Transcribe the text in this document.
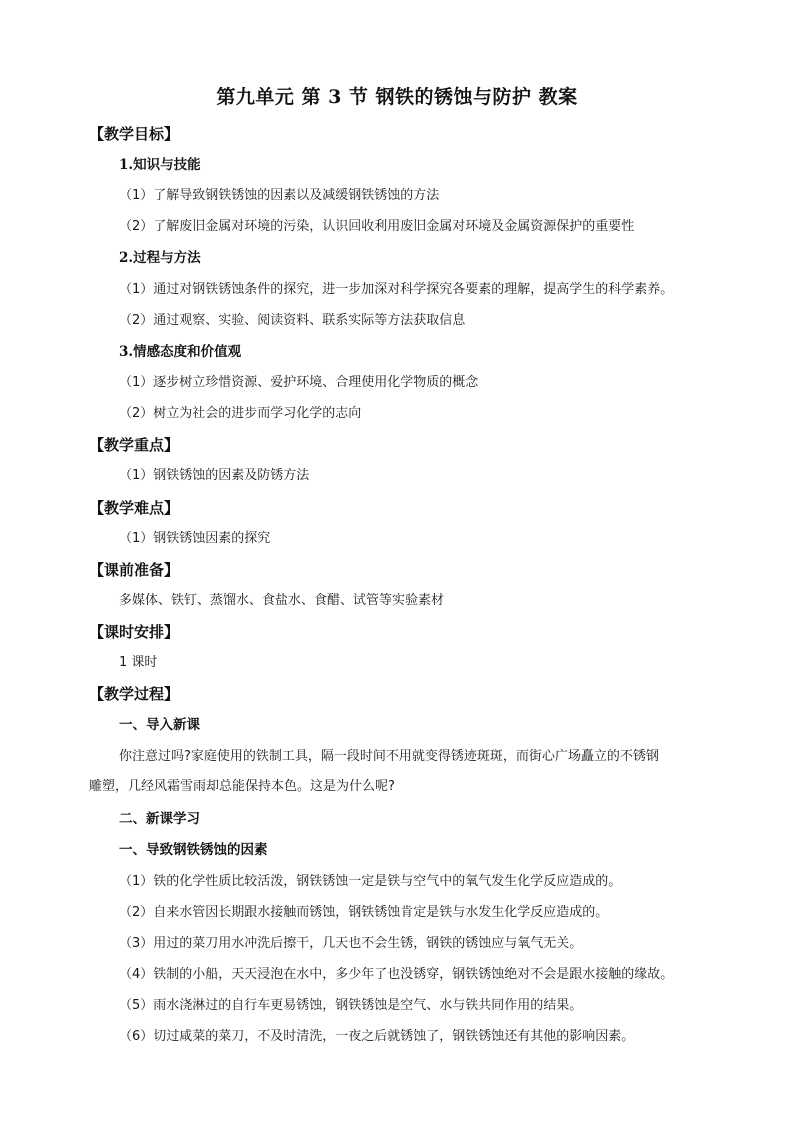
第九单元 第 3 节 钢铁的锈蚀与防护 教案
【教学目标】
1.知识与技能
（1）了解导致钢铁锈蚀的因素以及减缓钢铁锈蚀的方法
（2）了解废旧金属对环境的污染，认识回收利用废旧金属对环境及金属资源保护的重要性
2.过程与方法
（1）通过对钢铁锈蚀条件的探究，进一步加深对科学探究各要素的理解，提高学生的科学素养。
（2）通过观察、实验、阅读资料、联系实际等方法获取信息
3.情感态度和价值观
（1）逐步树立珍惜资源、爱护环境、合理使用化学物质的概念
（2）树立为社会的进步而学习化学的志向
【教学重点】
（1）钢铁锈蚀的因素及防锈方法
【教学难点】
（1）钢铁锈蚀因素的探究
【课前准备】
多媒体、铁钉、蒸馏水、食盐水、食醋、试管等实验素材
【课时安排】
1 课时
【教学过程】
一、导入新课
你注意过吗?家庭使用的铁制工具，隔一段时间不用就变得锈迹斑斑，而街心广场矗立的不锈钢
雕塑，几经风霜雪雨却总能保持本色。这是为什么呢?
二、新课学习
一、导致钢铁锈蚀的因素
（1）铁的化学性质比较活泼，钢铁锈蚀一定是铁与空气中的氧气发生化学反应造成的。
（2）自来水管因长期跟水接触而锈蚀，钢铁锈蚀肯定是铁与水发生化学反应造成的。
（3）用过的菜刀用水冲洗后擦干，几天也不会生锈，钢铁的锈蚀应与氧气无关。
（4）铁制的小船，天天浸泡在水中，多少年了也没锈穿，钢铁锈蚀绝对不会是跟水接触的缘故。
（5）雨水浇淋过的自行车更易锈蚀，钢铁锈蚀是空气、水与铁共同作用的结果。
（6）切过咸菜的菜刀，不及时清洗，一夜之后就锈蚀了，钢铁锈蚀还有其他的影响因素。
